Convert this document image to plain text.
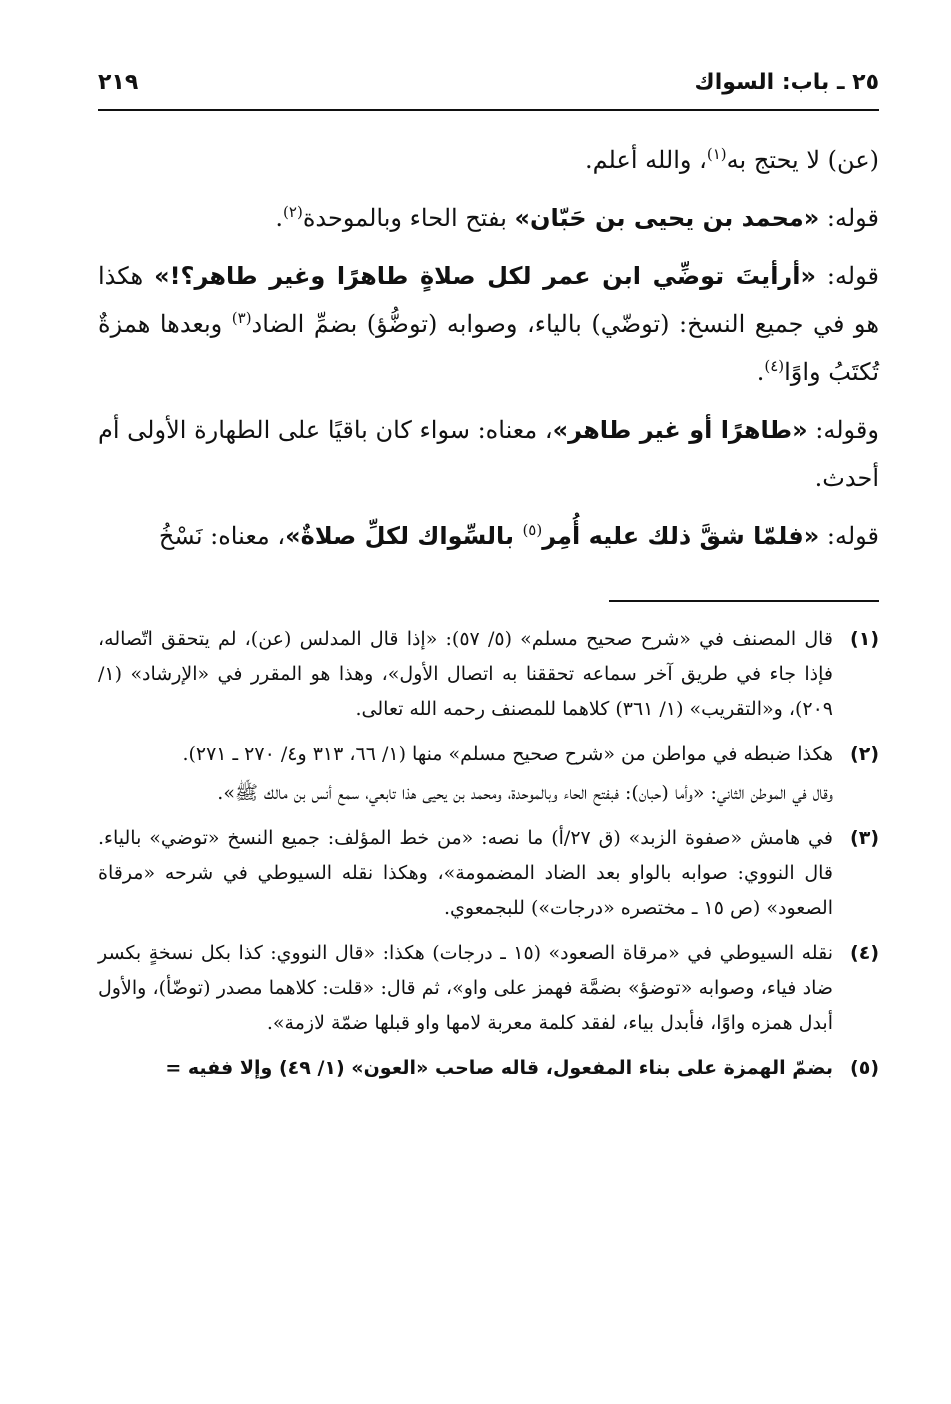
٢٥ ـ باب: السواك
٢١٩

(عن) لا يحتج به$^{(١)}$، والله أعلم.

قوله: «محمد بن يحيى بن حَبّان» بفتح الحاء وبالموحدة$^{(٢)}$.

قوله: «أرأيتَ توضِّي ابن عمر لكل صلاةٍ طاهرًا وغير طاهر؟!» هكذا هو في جميع النسخ: (توضّي) بالياء، وصوابه (توضُّؤ) بضمِّ الضاد$^{(٣)}$ وبعدها همزةٌ تُكتَبُ واوًا$^{(٤)}$.

وقوله: «طاهرًا أو غير طاهر»، معناه: سواء كان باقيًا على الطهارة الأولى أم أحدث.

قوله: «فلمّا شقَّ ذلك عليه أُمِر$^{(٥)}$ بالسِّواك لكلِّ صلاةٌ»، معناه: نَسْخُ

(١)

قال المصنف في «شرح صحيح مسلم» (٥/ ٥٧): «إذا قال المدلس (عن)، لم يتحقق اتّصاله، فإذا جاء في طريق آخر سماعه تحققنا به اتصال الأول»، وهذا هو المقرر في «الإرشاد» (١/ ٢٠٩)، و«التقريب» (١/ ٣٦١) كلاهما للمصنف رحمه الله تعالى.

(٢)

هكذا ضبطه في مواطن من «شرح صحيح مسلم» منها (١/ ٦٦، ٣١٣ و٤/ ٢٧٠ ـ ٢٧١).

وقال في الموطن الثاني: «وأما (حبان): فبفتح الحاء وبالموحدة، ومحمد بن يحيى هذا تابعي، سمع أنس بن مالك ﷺ».

(٣)

في هامش «صفوة الزبد» (ق ٢٧/أ) ما نصه: «من خط المؤلف: جميع النسخ «توضي» بالياء. قال النووي: صوابه بالواو بعد الضاد المضمومة»، وهكذا نقله السيوطي في شرحه «مرقاة الصعود» (ص ١٥ ـ مختصره «درجات») للبجمعوي.

(٤)

نقله السيوطي في «مرقاة الصعود» (١٥ ـ درجات) هكذا: «قال النووي: كذا بكل نسخةٍ بكسر ضاد فياء، وصوابه «توضؤ» بضمَّة فهمز على واو»، ثم قال: «قلت: كلاهما مصدر (توضّأ)، والأول أبدل همزه واوًا، فأبدل بياء، لفقد كلمة معربة لامها واو قبلها ضمّة لازمة».

(٥)

بضمّ الهمزة على بناء المفعول، قاله صاحب «العون» (١/ ٤٩) وإلا ففيه =
